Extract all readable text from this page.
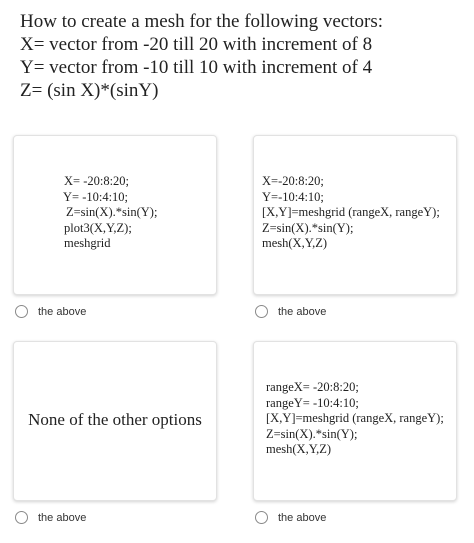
How to create a mesh for the following vectors:
X= vector from -20 till 20 with increment of 8
Y= vector from -10 till 10 with increment of 4
Z= (sin X)*(sinY)
X= -20:8:20;
Y= -10:4:10;
Z=sin(X).*sin(Y);
plot3(X,Y,Z);
meshgrid
the above
X=-20:8:20;
Y=-10:4:10;
[X,Y]=meshgrid (rangeX, rangeY);
Z=sin(X).*sin(Y);
mesh(X,Y,Z)
the above
None of the other options
the above
rangeX= -20:8:20;
rangeY= -10:4:10;
[X,Y]=meshgrid (rangeX, rangeY);
Z=sin(X).*sin(Y);
mesh(X,Y,Z)
the above
